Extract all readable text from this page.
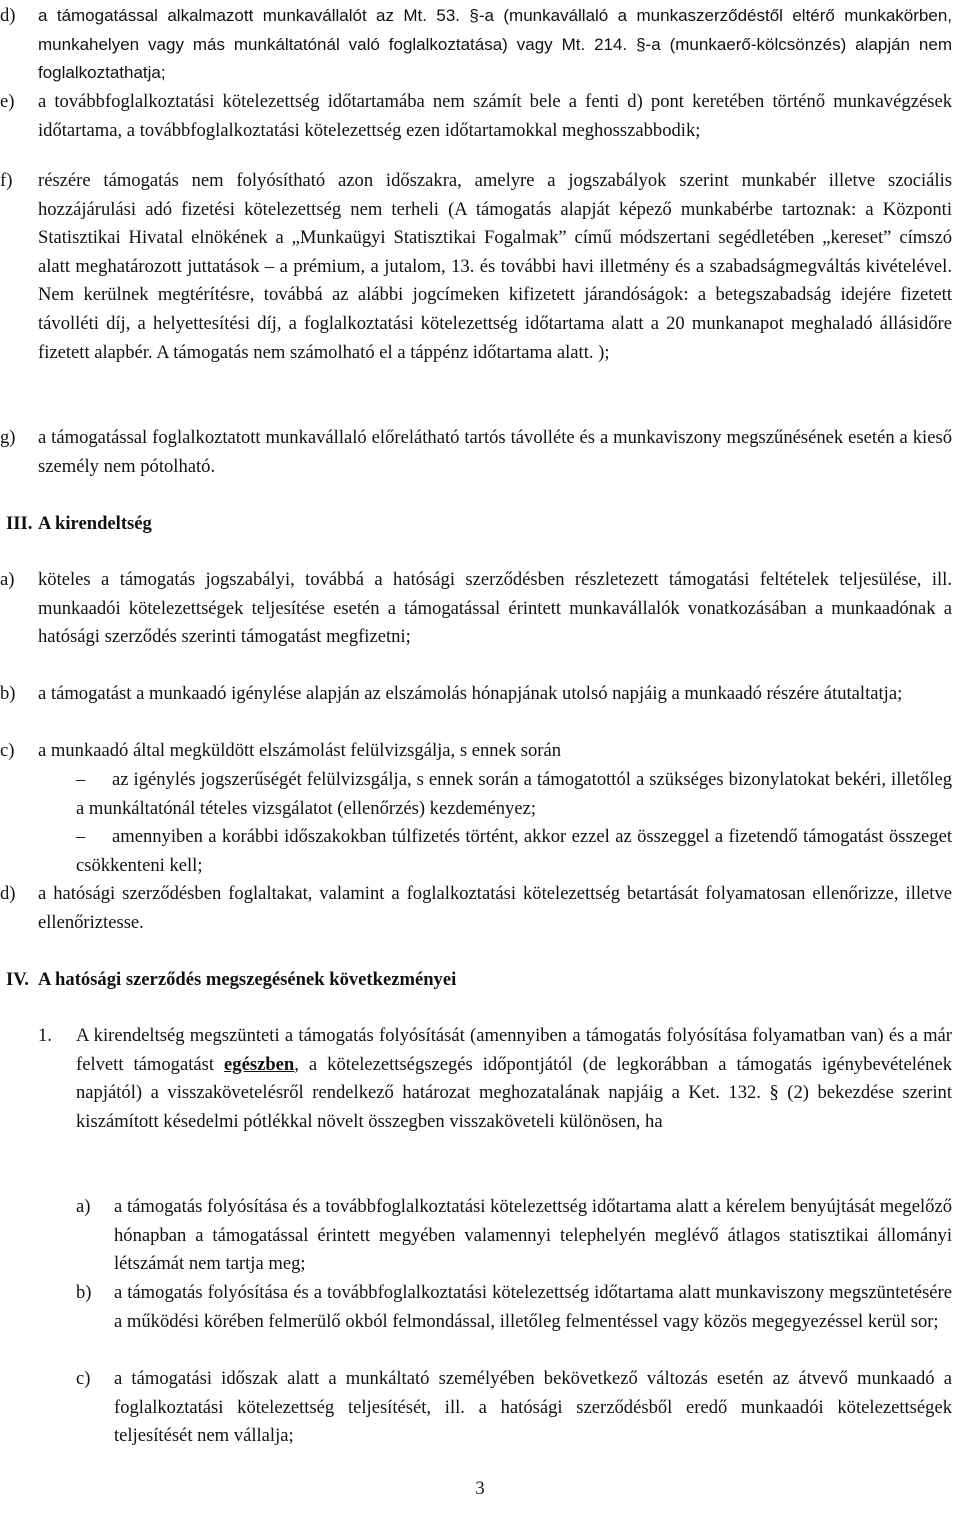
d) a támogatással alkalmazott munkavállalót az Mt. 53. §-a (munkavállaló a munkaszerződéstől eltérő munkakörben, munkahelyen vagy más munkáltatónál való foglalkoztatása) vagy Mt. 214. §-a (munkaerő-kölcsönzés) alapján nem foglalkoztathatja;
e) a továbbfoglalkoztatási kötelezettség időtartamába nem számít bele a fenti d) pont keretében történő munkavégzések időtartama, a továbbfoglalkoztatási kötelezettség ezen időtartamokkal meghosszabbodik;
f) részére támogatás nem folyósítható azon időszakra, amelyre a jogszabályok szerint munkabér illetve szociális hozzájárulási adó fizetési kötelezettség nem terheli (A támogatás alapját képező munkabérbe tartoznak: a Központi Statisztikai Hivatal elnökének a „Munkaügyi Statisztikai Fogalmak” című módszertani segédletében „kereset” címszó alatt meghatározott juttatások – a prémium, a jutalom, 13. és további havi illetmény és a szabadságmegváltás kivételével. Nem kerülnek megtérítésre, továbbá az alábbi jogcímeken kifizetett járandóságok: a betegszabadság idejére fizetett távolléti díj, a helyettesítési díj, a foglalkoztatási kötelezettség időtartama alatt a 20 munkanapot meghaladó állásidőre fizetett alapbér. A támogatás nem számolható el a táppénz időtartama alatt. );
g) a támogatással foglalkoztatott munkavállaló előrelátható tartós távolléte és a munkaviszony megszűnésének esetén a kieső személy nem pótolható.
III. A kirendeltség
a) köteles a támogatás jogszabályi, továbbá a hatósági szerződésben részletezett támogatási feltételek teljesülése, ill. munkaadói kötelezettségek teljesítése esetén a támogatással érintett munkavállalók vonatkozásában a munkaadónak a hatósági szerződés szerinti támogatást megfizetni;
b) a támogatást a munkaadó igénylése alapján az elszámolás hónapjának utolsó napjáig a munkaadó részére átutaltatja;
c) a munkaadó által megküldött elszámolást felülvizsgálja, s ennek során
– az igénylés jogszerűségét felülvizsgálja, s ennek során a támogatottól a szükséges bizonylatokat bekéri, illetőleg a munkáltatónál tételes vizsgálatot (ellenőrzés) kezdeményez;
– amennyiben a korábbi időszakokban túlfizetés történt, akkor ezzel az összeggel a fizetendő támogatást összeget csökkenteni kell;
d) a hatósági szerződésben foglaltakat, valamint a foglalkoztatási kötelezettség betartását folyamatosan ellenőrizze, illetve ellenőriztesse.
IV. A hatósági szerződés megszegésének következményei
1. A kirendeltség megszünteti a támogatás folyósítását (amennyiben a támogatás folyósítása folyamatban van) és a már felvett támogatást egészben, a kötelezettségszegés időpontjától (de legkorábban a támogatás igénybevételének napjától) a visszakövetelésről rendelkező határozat meghozatalának napjáig a Ket. 132. § (2) bekezdése szerint kiszámított késedelmi pótlékkal növelt összegben visszaköveteli különösen, ha
a) a támogatás folyósítása és a továbbfoglalkoztatási kötelezettség időtartama alatt a kérelem benyújtását megelőző hónapban a támogatással érintett megyében valamennyi telephelyén meglévő átlagos statisztikai állományi létszámát nem tartja meg;
b) a támogatás folyósítása és a továbbfoglalkoztatási kötelezettség időtartama alatt munkaviszony megszüntetésére a működési körében felmerülő okból felmondással, illetőleg felmentéssel vagy közös megegyezéssel kerül sor;
c) a támogatási időszak alatt a munkáltató személyében bekövetkező változás esetén az átvevő munkaadó a foglalkoztatási kötelezettség teljesítését, ill. a hatósági szerződésből eredő munkaadói kötelezettségek teljesítését nem vállalja;
3
